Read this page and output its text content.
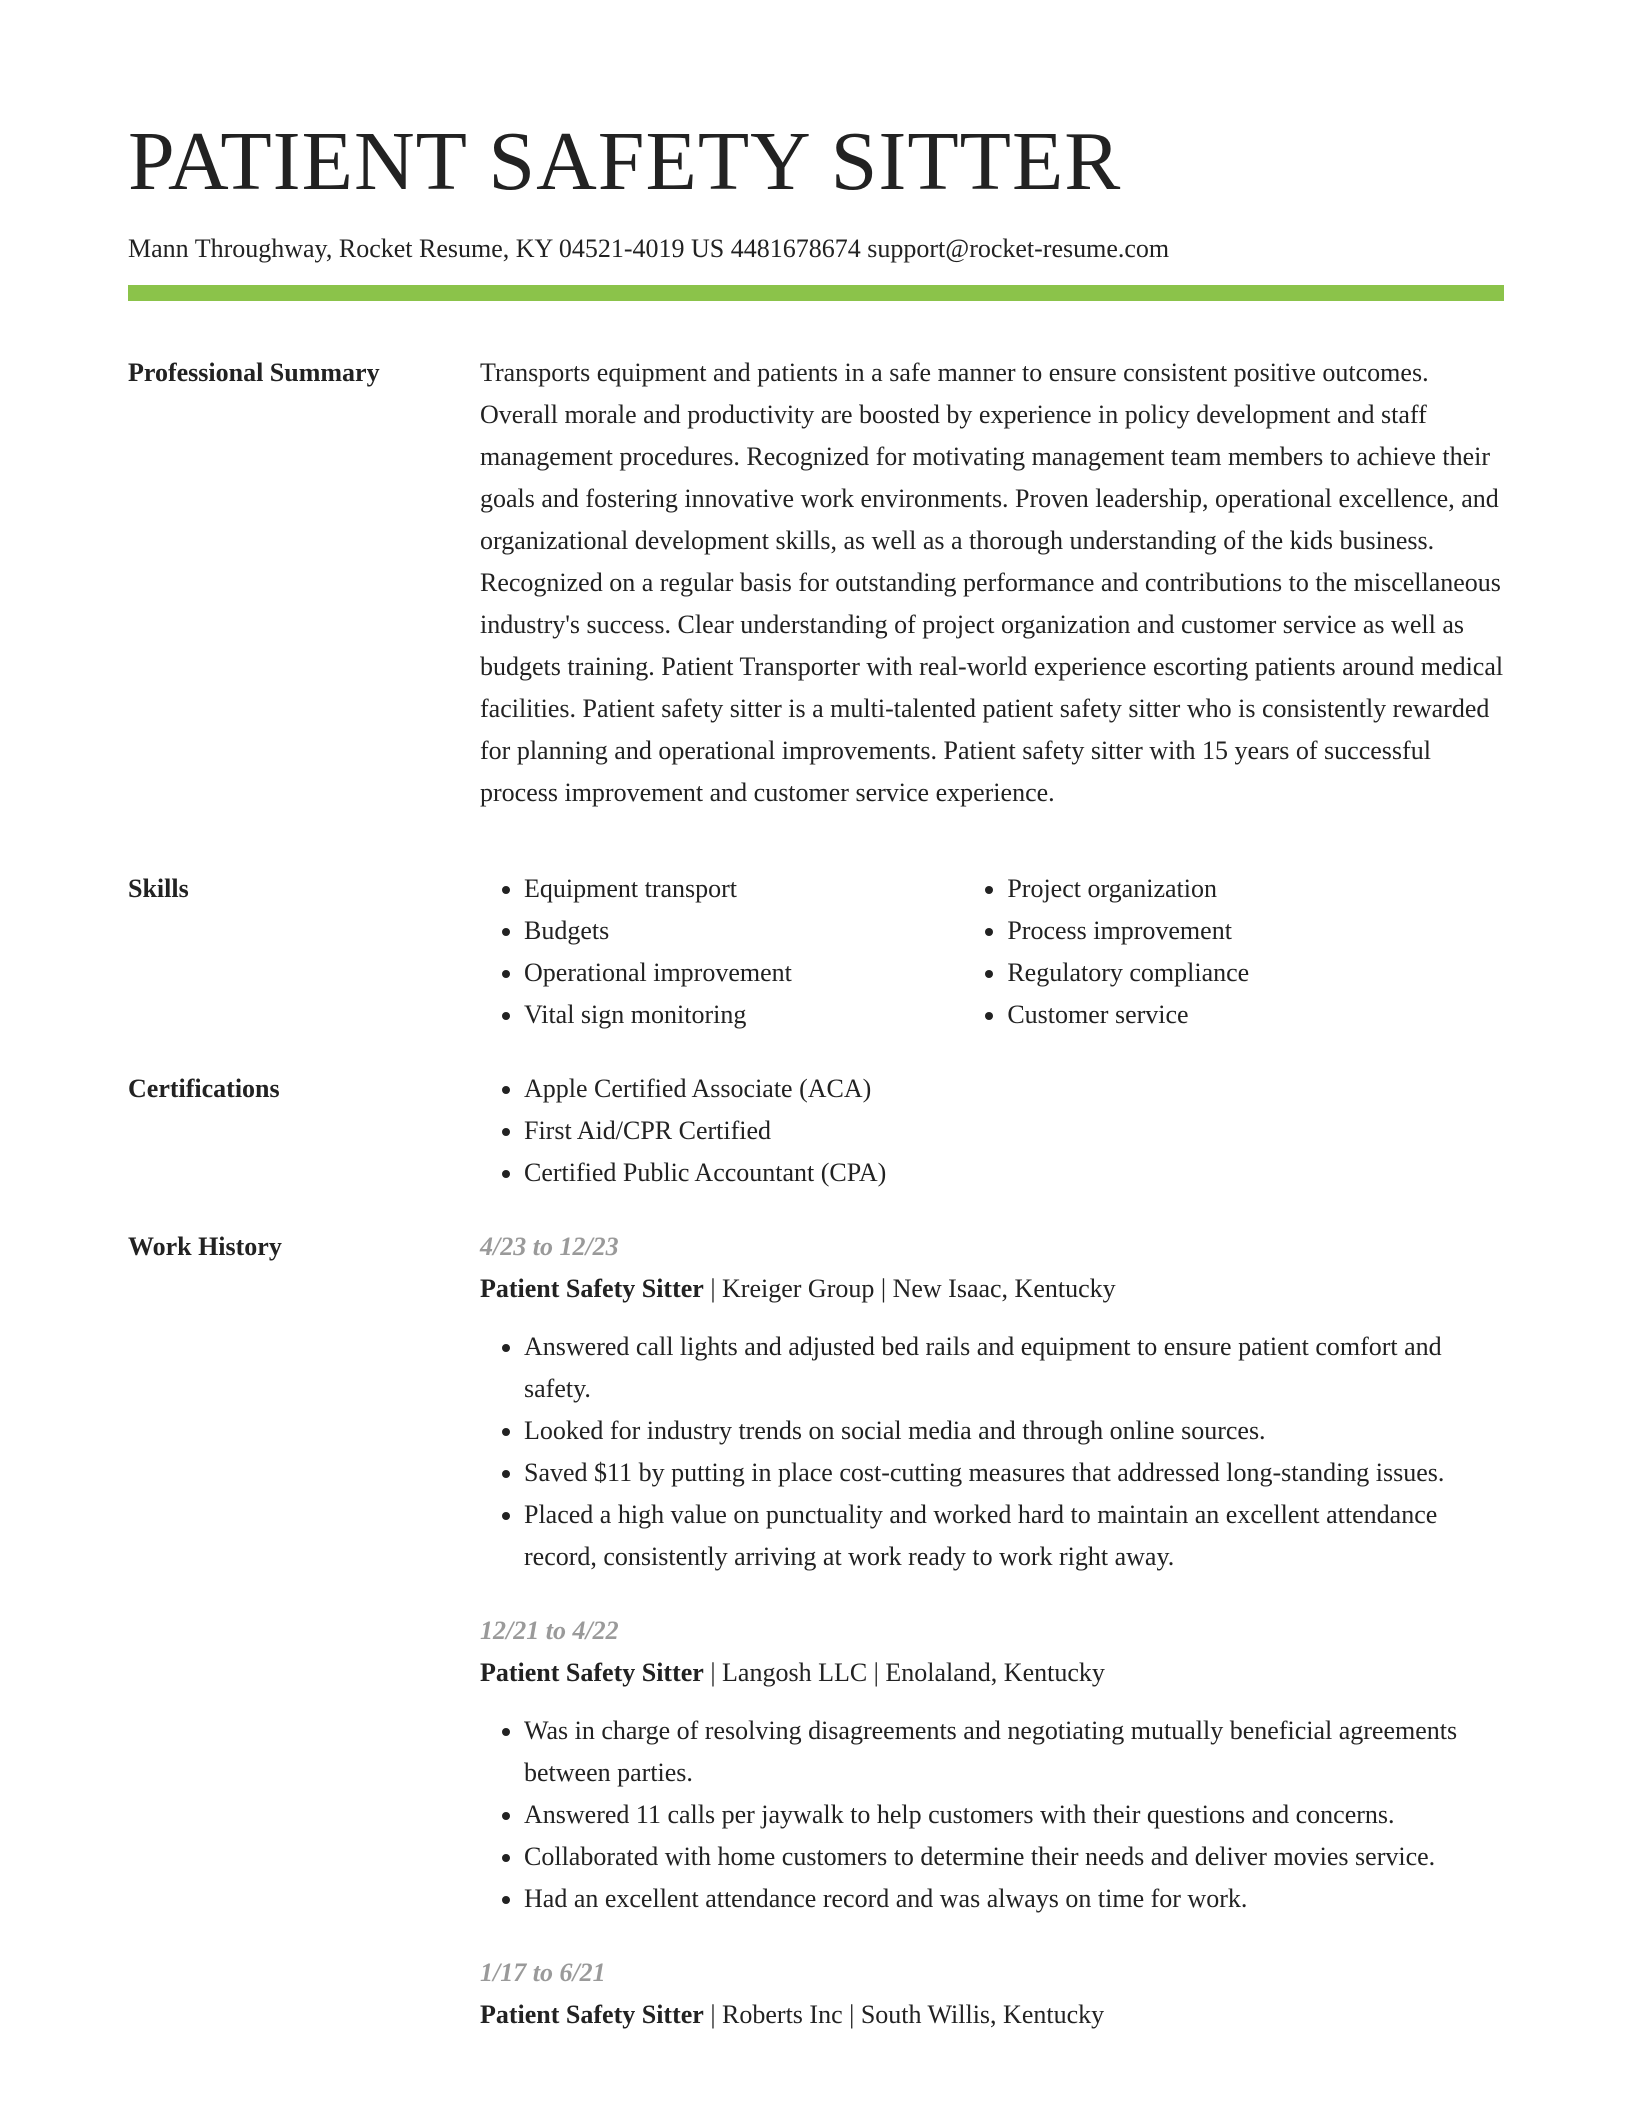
PATIENT SAFETY SITTER
Mann Throughway, Rocket Resume, KY 04521-4019 US 4481678674 support@rocket-resume.com
Professional Summary	Transports equipment and patients in a safe manner to ensure consistent positive outcomes. Overall morale and productivity are boosted by experience in policy development and staff management procedures. Recognized for motivating management team members to achieve their goals and fostering innovative work environments. Proven leadership, operational excellence, and organizational development skills, as well as a thorough understanding of the kids business. Recognized on a regular basis for outstanding performance and contributions to the miscellaneous industry's success. Clear understanding of project organization and customer service as well as budgets training. Patient Transporter with real-world experience escorting patients around medical facilities. Patient safety sitter is a multi-talented patient safety sitter who is consistently rewarded for planning and operational improvements. Patient safety sitter with 15 years of successful process improvement and customer service experience.

Skills	• Equipment transport
• Budgets
• Operational improvement
• Vital sign monitoring
• Project organization
• Process improvement
• Regulatory compliance
• Customer service
Certifications	• Apple Certified Associate (ACA)
• First Aid/CPR Certified
• Certified Public Accountant (CPA)
Work History	4/23 to 12/23
Patient Safety Sitter | Kreiger Group | New Isaac, Kentucky
• Answered call lights and adjusted bed rails and equipment to ensure patient comfort and safety.
• Looked for industry trends on social media and through online sources.
• Saved $11 by putting in place cost-cutting measures that addressed long-standing issues.
• Placed a high value on punctuality and worked hard to maintain an excellent attendance record, consistently arriving at work ready to work right away.
12/21 to 4/22
Patient Safety Sitter | Langosh LLC | Enolaland, Kentucky
• Was in charge of resolving disagreements and negotiating mutually beneficial agreements between parties.
• Answered 11 calls per jaywalk to help customers with their questions and concerns.
• Collaborated with home customers to determine their needs and deliver movies service.
• Had an excellent attendance record and was always on time for work.
1/17 to 6/21
Patient Safety Sitter | Roberts Inc | South Willis, Kentucky
